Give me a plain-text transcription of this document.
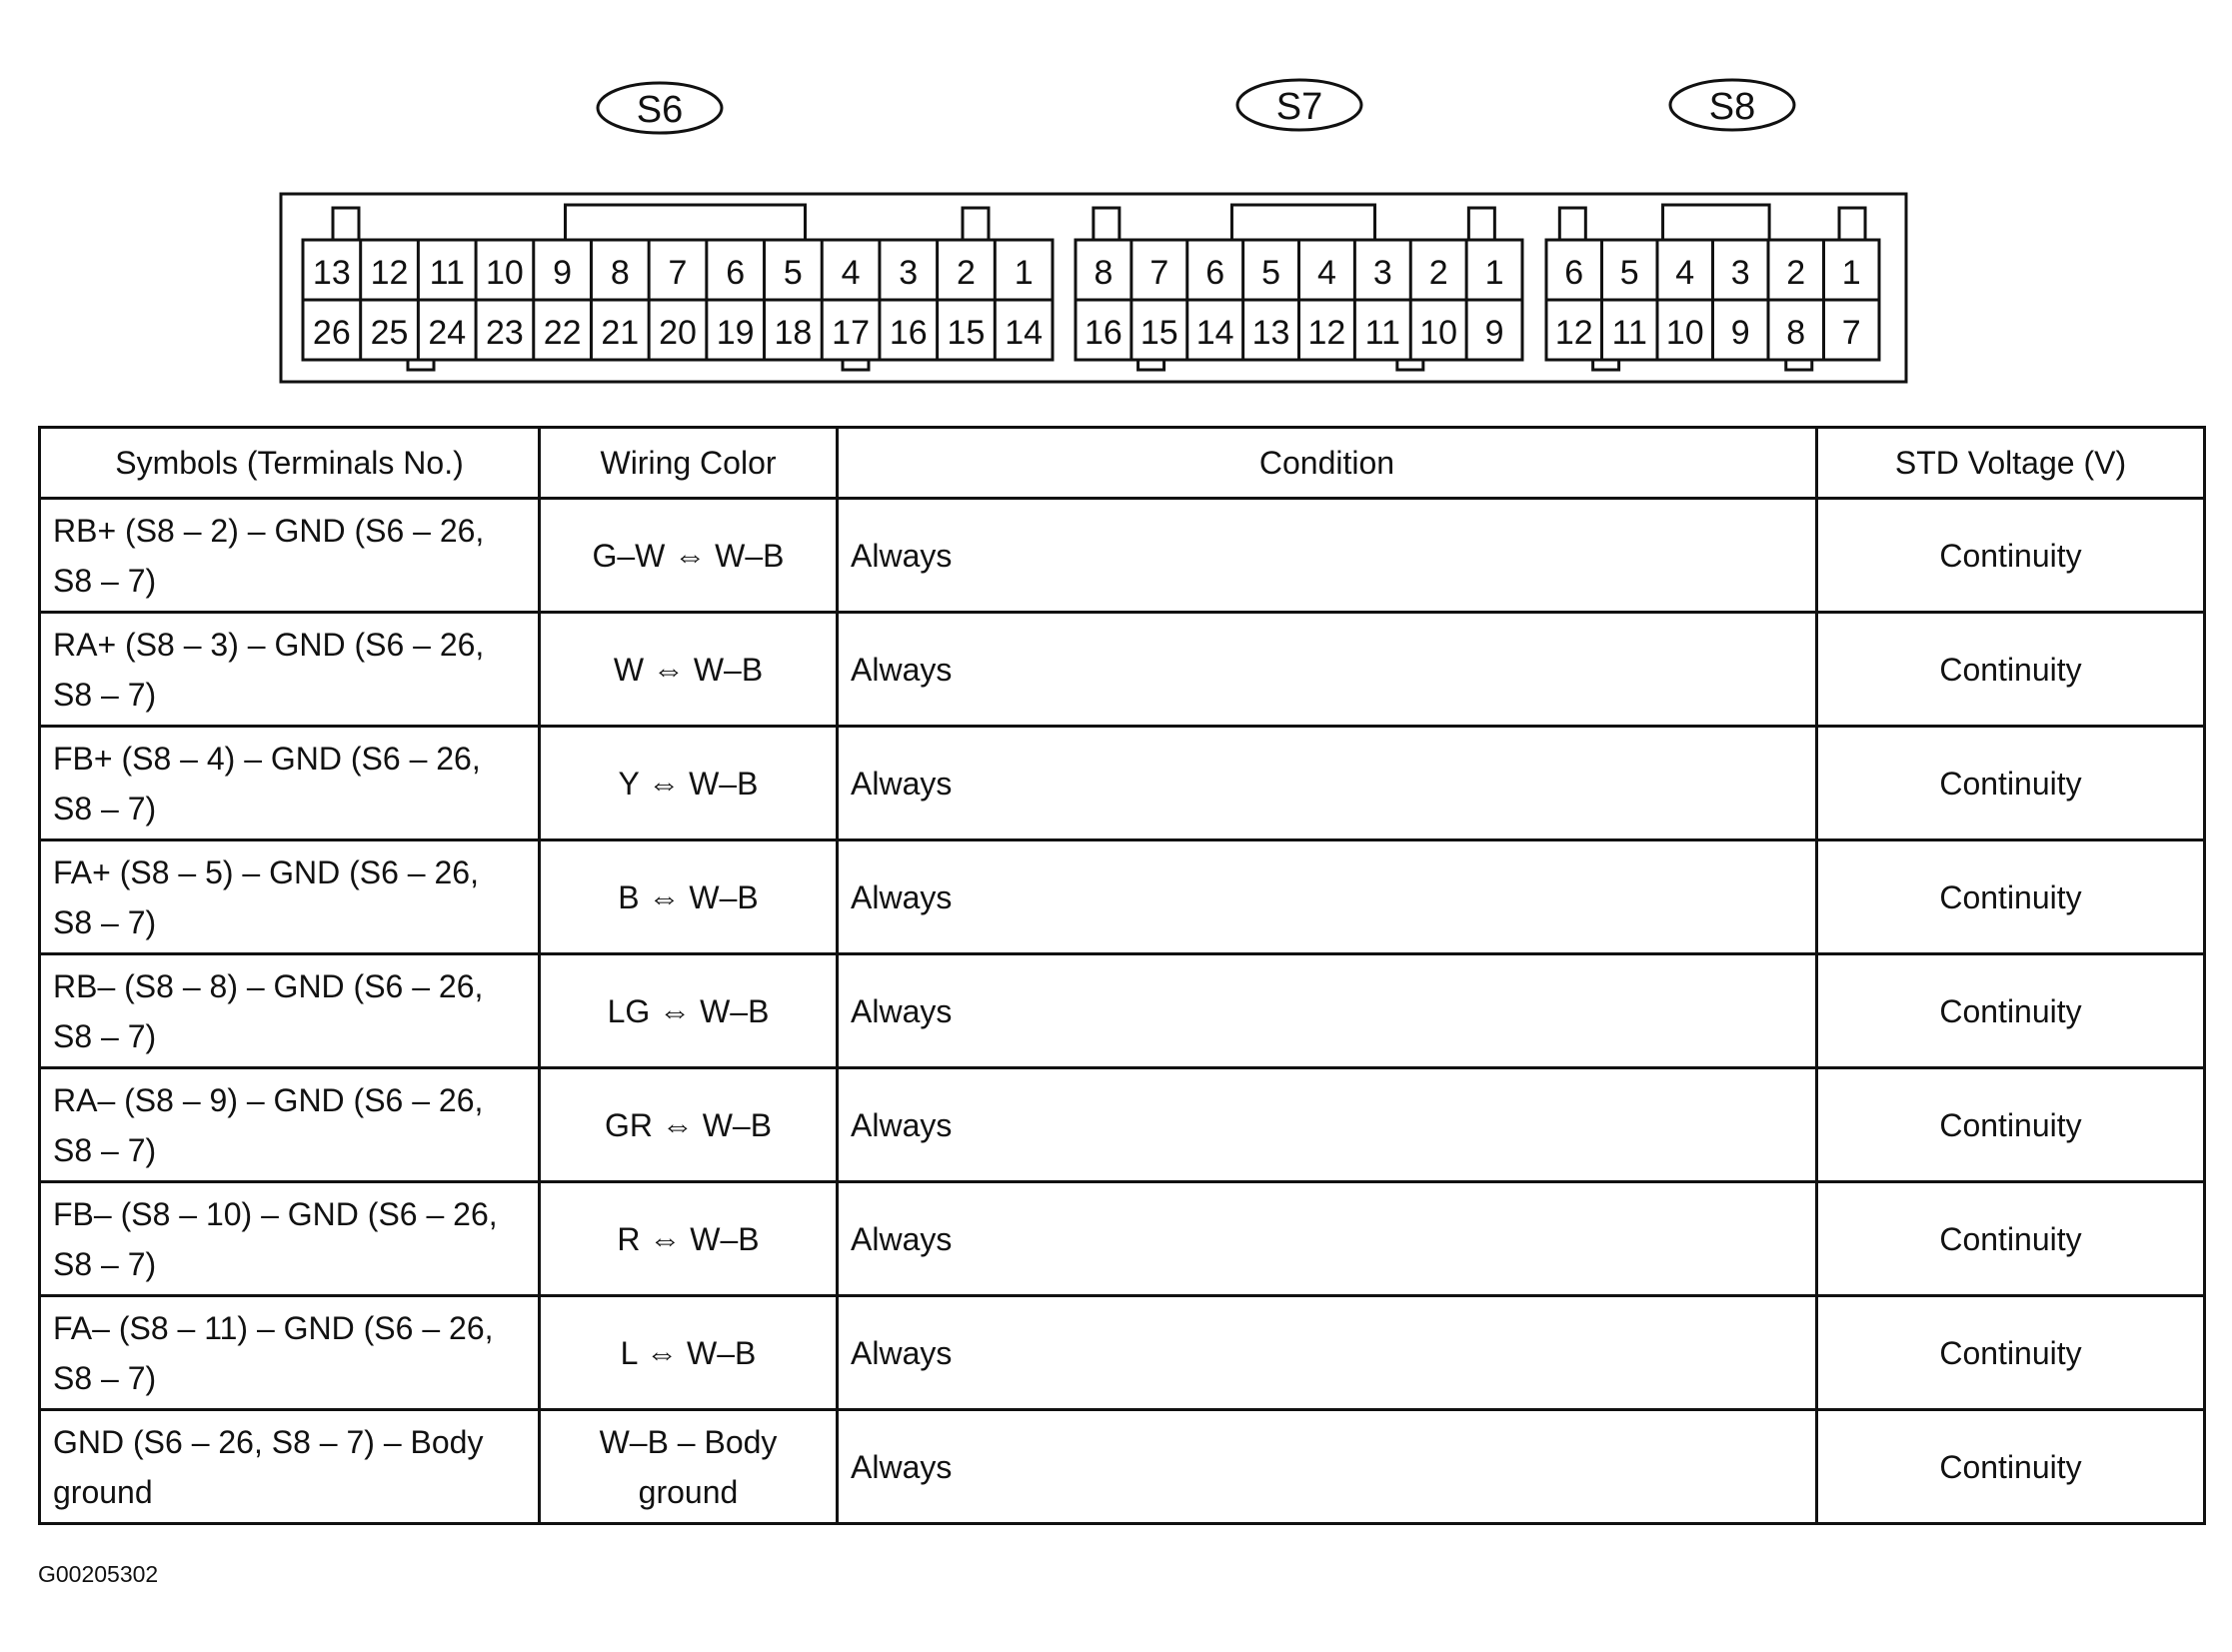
S6
13 12 11 10 9 8 7 6 5 4 3 2 1
26 25 24 23 22 21 20 19 18 17 16 15 14
S7
8 7 6 5 4 3 2 1
16 15 14 13 12 11 10 9
S8
6 5 4 3 2 1
12 11 10 9 8 7
Symbols (Terminals No.)	Wiring Color	Condition	STD Voltage (V)
RB+ (S8 – 2) – GND (S6 – 26, S8 – 7)	G–W ⇔ W–B	Always	Continuity
RA+ (S8 – 3) – GND (S6 – 26, S8 – 7)	W ⇔ W–B	Always	Continuity
FB+ (S8 – 4) – GND (S6 – 26, S8 – 7)	Y ⇔ W–B	Always	Continuity
FA+ (S8 – 5) – GND (S6 – 26, S8 – 7)	B ⇔ W–B	Always	Continuity
RB– (S8 – 8) – GND (S6 – 26, S8 – 7)	LG ⇔ W–B	Always	Continuity
RA– (S8 – 9) – GND (S6 – 26, S8 – 7)	GR ⇔ W–B	Always	Continuity
FB– (S8 – 10) – GND (S6 – 26, S8 – 7)	R ⇔ W–B	Always	Continuity
FA– (S8 – 11) – GND (S6 – 26, S8 – 7)	L ⇔ W–B	Always	Continuity
GND (S6 – 26, S8 – 7) – Body ground	W–B – Body ground	Always	Continuity
G00205302
